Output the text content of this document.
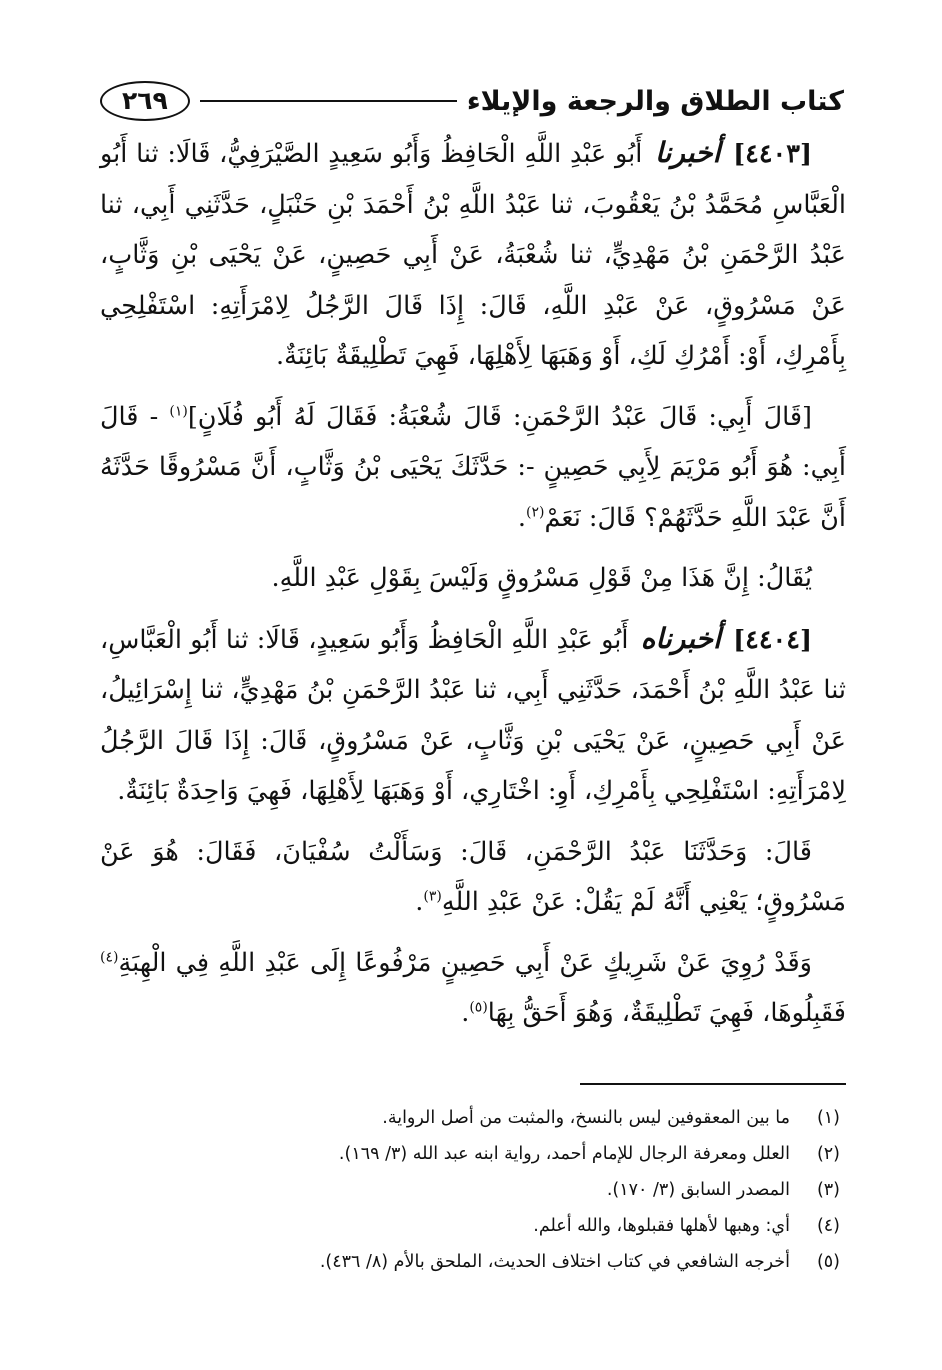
كتاب الطلاق والرجعة والإيلاء
٢٦٩

[٤٤٠٣] أخبرنا أَبُو عَبْدِ اللَّهِ الْحَافِظُ وَأَبُو سَعِيدٍ الصَّيْرَفِيُّ، قَالَا: ثنا أَبُو الْعَبَّاسِ مُحَمَّدُ بْنُ يَعْقُوبَ، ثنا عَبْدُ اللَّهِ بْنُ أَحْمَدَ بْنِ حَنْبَلٍ، حَدَّثَنِي أَبِي، ثنا عَبْدُ الرَّحْمَنِ بْنُ مَهْدِيٍّ، ثنا شُعْبَةُ، عَنْ أَبِي حَصِينٍ، عَنْ يَحْيَى بْنِ وَثَّابٍ، عَنْ مَسْرُوقٍ، عَنْ عَبْدِ اللَّهِ، قَالَ: إِذَا قَالَ الرَّجُلُ لِامْرَأَتِهِ: اسْتَفْلِحِي بِأَمْرِكِ، أَوْ: أَمْرُكِ لَكِ، أَوْ وَهَبَهَا لِأَهْلِهَا، فَهِيَ تَطْلِيقَةٌ بَائِنَةٌ.

[قَالَ أَبِي: قَالَ عَبْدُ الرَّحْمَنِ: قَالَ شُعْبَةُ: فَقَالَ لَهُ أَبُو فُلَانٍ]$^{(١)}$ - قَالَ أَبِي: هُوَ أَبُو مَرْيَمَ لِأَبِي حَصِينٍ -: حَدَّثَكَ يَحْيَى بْنُ وَثَّابٍ، أَنَّ مَسْرُوقًا حَدَّثَهُ أَنَّ عَبْدَ اللَّهِ حَدَّثَهُمْ؟ قَالَ: نَعَمْ$^{(٢)}$.

يُقَالُ: إِنَّ هَذَا مِنْ قَوْلِ مَسْرُوقٍ وَلَيْسَ بِقَوْلِ عَبْدِ اللَّهِ.

[٤٤٠٤] أخبرناه أَبُو عَبْدِ اللَّهِ الْحَافِظُ وَأَبُو سَعِيدٍ، قَالَا: ثنا أَبُو الْعَبَّاسِ، ثنا عَبْدُ اللَّهِ بْنُ أَحْمَدَ، حَدَّثَنِي أَبِي، ثنا عَبْدُ الرَّحْمَنِ بْنُ مَهْدِيٍّ، ثنا إِسْرَائِيلُ، عَنْ أَبِي حَصِينٍ، عَنْ يَحْيَى بْنِ وَثَّابٍ، عَنْ مَسْرُوقٍ، قَالَ: إِذَا قَالَ الرَّجُلُ لِامْرَأَتِهِ: اسْتَفْلِحِي بِأَمْرِكِ، أَوِ: اخْتَارِي، أَوْ وَهَبَهَا لِأَهْلِهَا، فَهِيَ وَاحِدَةٌ بَائِنَةٌ.

قَالَ: وَحَدَّثَنَا عَبْدُ الرَّحْمَنِ، قَالَ: وَسَأَلْتُ سُفْيَانَ، فَقَالَ: هُوَ عَنْ مَسْرُوقٍ؛ يَعْنِي أَنَّهُ لَمْ يَقُلْ: عَنْ عَبْدِ اللَّهِ$^{(٣)}$.

وَقَدْ رُوِيَ عَنْ شَرِيكٍ عَنْ أَبِي حَصِينٍ مَرْفُوعًا إِلَى عَبْدِ اللَّهِ فِي الْهِبَةِ$^{(٤)}$ فَقَبِلُوهَا، فَهِيَ تَطْلِيقَةٌ، وَهُوَ أَحَقُّ بِهَا$^{(٥)}$.

(١)
ما بين المعقوفين ليس بالنسخ، والمثبت من أصل الرواية.
(٢)
العلل ومعرفة الرجال للإمام أحمد، رواية ابنه عبد الله (٣/ ١٦٩).
(٣)
المصدر السابق (٣/ ١٧٠).
(٤)
أي: وهبها لأهلها فقبلوها، والله أعلم.
(٥)
أخرجه الشافعي في كتاب اختلاف الحديث، الملحق بالأم (٨/ ٤٣٦).
